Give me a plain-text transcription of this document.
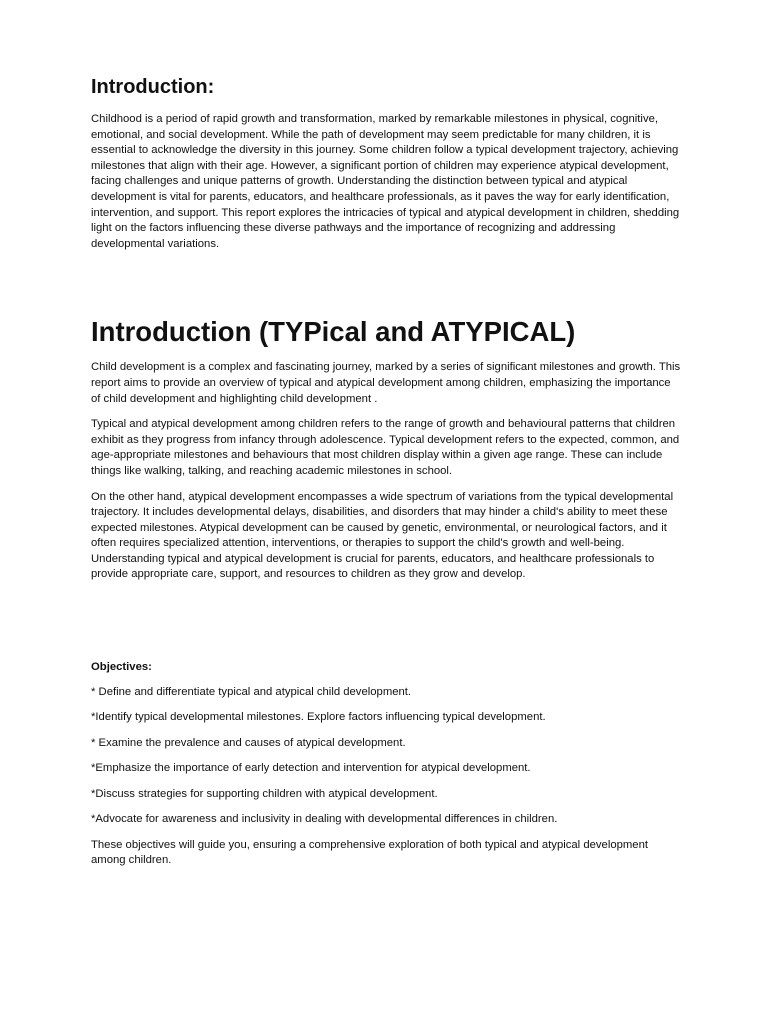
Introduction:

Childhood is a period of rapid growth and transformation, marked by remarkable milestones in physical, cognitive, emotional, and social development. While the path of development may seem predictable for many children, it is essential to acknowledge the diversity in this journey. Some children follow a typical development trajectory, achieving milestones that align with their age. However, a significant portion of children may experience atypical development, facing challenges and unique patterns of growth. Understanding the distinction between typical and atypical development is vital for parents, educators, and healthcare professionals, as it paves the way for early identification, intervention, and support. This report explores the intricacies of typical and atypical development in children, shedding light on the factors influencing these diverse pathways and the importance of recognizing and addressing developmental variations.

Introduction (TYPical and ATYPICAL)

Child development is a complex and fascinating journey, marked by a series of significant milestones and growth. This report aims to provide an overview of typical and atypical development among children, emphasizing the importance of child development and highlighting child development .

Typical and atypical development among children refers to the range of growth and behavioural patterns that children exhibit as they progress from infancy through adolescence. Typical development refers to the expected, common, and age-appropriate milestones and behaviours that most children display within a given age range. These can include things like walking, talking, and reaching academic milestones in school.

On the other hand, atypical development encompasses a wide spectrum of variations from the typical developmental trajectory. It includes developmental delays, disabilities, and disorders that may hinder a child's ability to meet these expected milestones. Atypical development can be caused by genetic, environmental, or neurological factors, and it often requires specialized attention, interventions, or therapies to support the child's growth and well-being. Understanding typical and atypical development is crucial for parents, educators, and healthcare professionals to provide appropriate care, support, and resources to children as they grow and develop.

Objectives:
* Define and differentiate typical and atypical child development.
*Identify typical developmental milestones. Explore factors influencing typical development.
* Examine the prevalence and causes of atypical development.
*Emphasize the importance of early detection and intervention for atypical development.
*Discuss strategies for supporting children with atypical development.
*Advocate for awareness and inclusivity in dealing with developmental differences in children.

These objectives will guide you, ensuring a comprehensive exploration of both typical and atypical development among children.
